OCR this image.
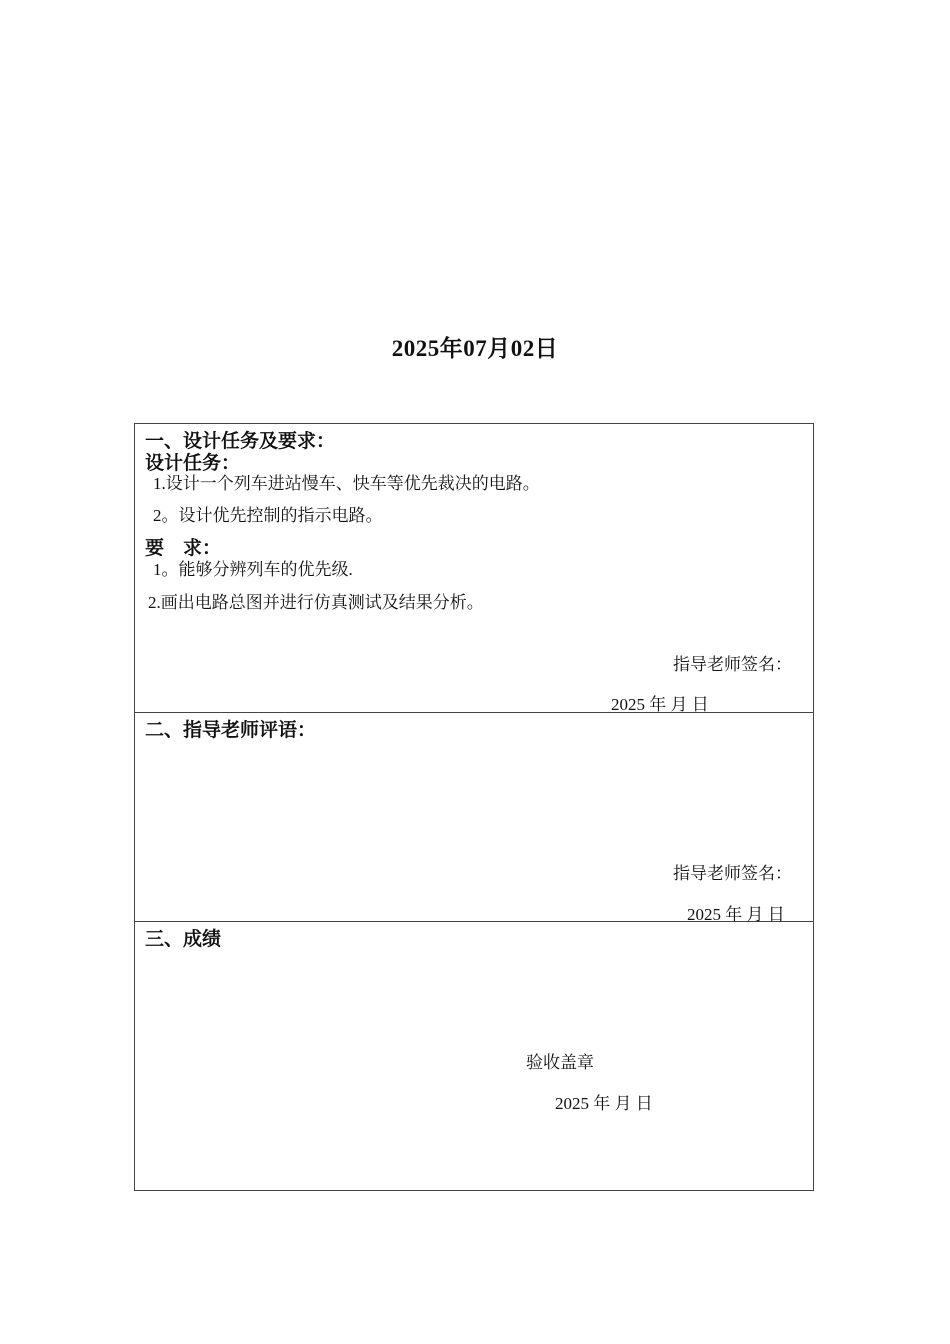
2025年07月02日
一、设计任务及要求：
设计任务：
1.设计一个列车进站慢车、快车等优先裁决的电路。
2。设计优先控制的指示电路。
要　求：
1。能够分辨列车的优先级.
2.画出电路总图并进行仿真测试及结果分析。
指导老师签名：
2025 年 月 日
二、指导老师评语：
指导老师签名：
2025 年 月 日
三、成绩
验收盖章
2025 年 月 日
